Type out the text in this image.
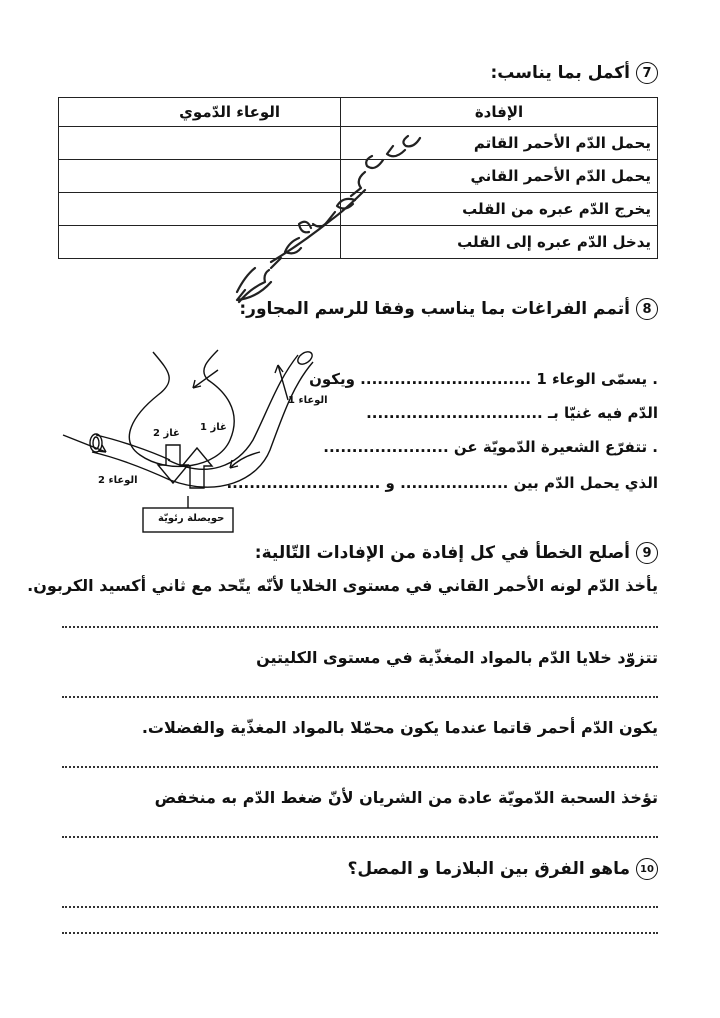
7
أكمل بما يناسب:
الإفادة	الوعاء الدّموي
يحمل الدّم الأحمر القاتم	
يحمل الدّم الأحمر القاني	
يخرج الدّم عبره من القلب	
يدخل الدّم عبره إلى القلب	
8
أتمم الفراغات بما يناسب وفقا للرسم المجاور:
. يسمّى الوعاء 1 .............................. ويكون
الدّم فيه غنيّا بـ ...............................
. تتفرّع الشعيرة الدّمويّة عن ......................
الذي يحمل الدّم بين ................... و ...........................
الوعاء 1
الوعاء 2
غاز 1
غاز 2
حويصلة رئويّة
9
أصلح الخطأ في كل إفادة من الإفادات التّالية:
يأخذ الدّم لونه الأحمر القاني في مستوى الخلايا لأنّه يتّحد مع ثاني أكسيد الكربون.
تتزوّد خلايا الدّم بالمواد المغذّية في مستوى الكليتين
يكون الدّم أحمر قاتما عندما يكون محمّلا بالمواد المغذّية والفضلات.
تؤخذ السحبة الدّمويّة عادة من الشريان لأنّ ضغط الدّم به منخفض
10
ماهو الفرق بين البلازما و المصل؟
